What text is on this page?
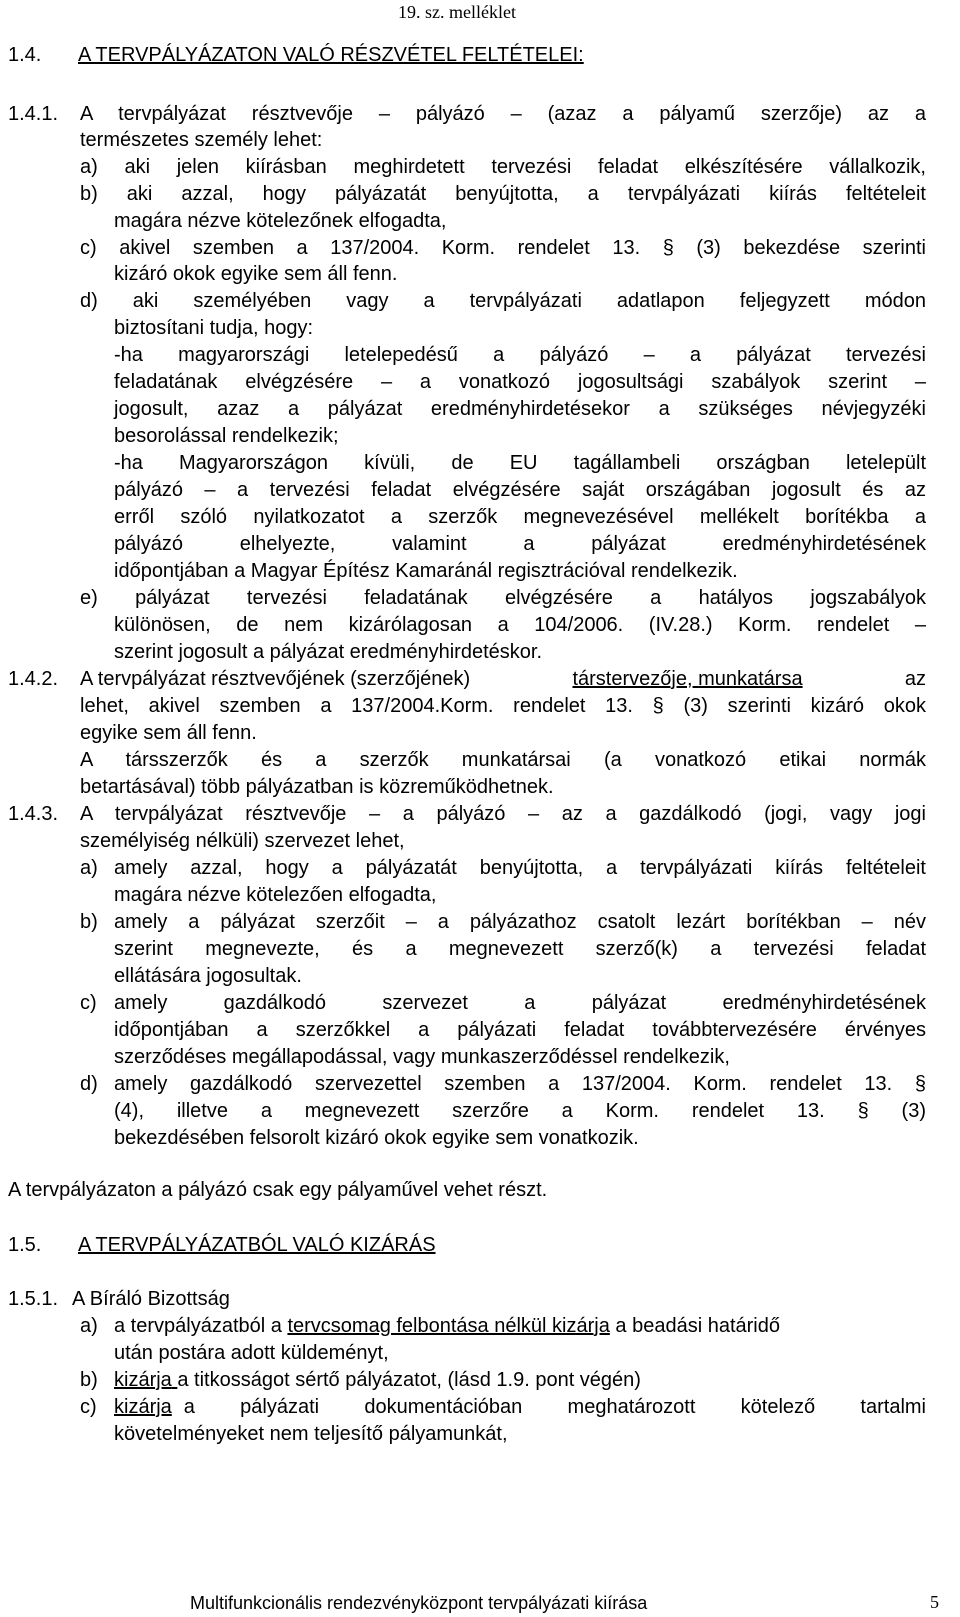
19. sz. melléklet
1.4. A TERVPÁLYÁZATON VALÓ RÉSZVÉTEL FELTÉTELEI:
1.4.1. A tervpályázat résztvevője – pályázó – (azaz a pályamű szerzője) az a
természetes személy lehet:
a) aki jelen kiírásban meghirdetett tervezési feladat elkészítésére vállalkozik,
b) aki azzal, hogy pályázatát benyújtotta, a tervpályázati kiírás feltételeit
magára nézve kötelezőnek elfogadta,
c) akivel szemben a 137/2004. Korm. rendelet 13. § (3) bekezdése szerinti
kizáró okok egyike sem áll fenn.
d) aki személyében vagy a tervpályázati adatlapon feljegyzett módon
biztosítani tudja, hogy:
-ha magyarországi letelepedésű a pályázó – a pályázat tervezési
feladatának elvégzésére – a vonatkozó jogosultsági szabályok szerint –
jogosult, azaz a pályázat eredményhirdetésekor a szükséges névjegyzéki
besorolással rendelkezik;
-ha Magyarországon kívüli, de EU tagállambeli országban letelepült
pályázó – a tervezési feladat elvégzésére saját országában jogosult és az
erről szóló nyilatkozatot a szerzők megnevezésével mellékelt borítékba a
pályázó elhelyezte, valamint a pályázat eredményhirdetésének
időpontjában a Magyar Építész Kamaránál regisztrációval rendelkezik.
e) pályázat tervezési feladatának elvégzésére a hatályos jogszabályok
különösen, de nem kizárólagosan a 104/2006. (IV.28.) Korm. rendelet –
szerint jogosult a pályázat eredményhirdetéskor.
1.4.2. A tervpályázat résztvevőjének (szerzőjének)	társtervezője, munkatársa	az
lehet, akivel szemben a 137/2004.Korm. rendelet 13. § (3) szerinti kizáró okok
egyike sem áll fenn.
A társszerzők és a szerzők munkatársai (a vonatkozó etikai normák
betartásával) több pályázatban is közreműködhetnek.
1.4.3. A tervpályázat résztvevője – a pályázó – az a gazdálkodó (jogi, vagy jogi
személyiség nélküli) szervezet lehet,
a) amely azzal, hogy a pályázatát benyújtotta, a tervpályázati kiírás feltételeit
magára nézve kötelezően elfogadta,
b) amely a pályázat szerzőit – a pályázathoz csatolt lezárt borítékban – név
szerint megnevezte, és a megnevezett szerző(k) a tervezési feladat
ellátására jogosultak.
c) amely gazdálkodó szervezet a pályázat eredményhirdetésének
időpontjában a szerzőkkel a pályázati feladat továbbtervezésére érvényes
szerződéses megállapodással, vagy munkaszerződéssel rendelkezik,
d) amely gazdálkodó szervezettel szemben a 137/2004. Korm. rendelet 13. §
(4), illetve a megnevezett szerzőre a Korm. rendelet 13. § (3)
bekezdésében felsorolt kizáró okok egyike sem vonatkozik.
A tervpályázaton a pályázó csak egy pályaművel vehet részt.
1.5. A TERVPÁLYÁZATBÓL VALÓ KIZÁRÁS
1.5.1. A Bíráló Bizottság
a) a tervpályázatból a tervcsomag felbontása nélkül kizárja a beadási határidő
után postára adott küldeményt,
b) kizárja a titkosságot sértő pályázatot, (lásd 1.9. pont végén)
c) kizárja a pályázati dokumentációban meghatározott kötelező tartalmi
követelményeket nem teljesítő pályamunkát,
Multifunkcionális rendezvényközpont tervpályázati kiírása	5
